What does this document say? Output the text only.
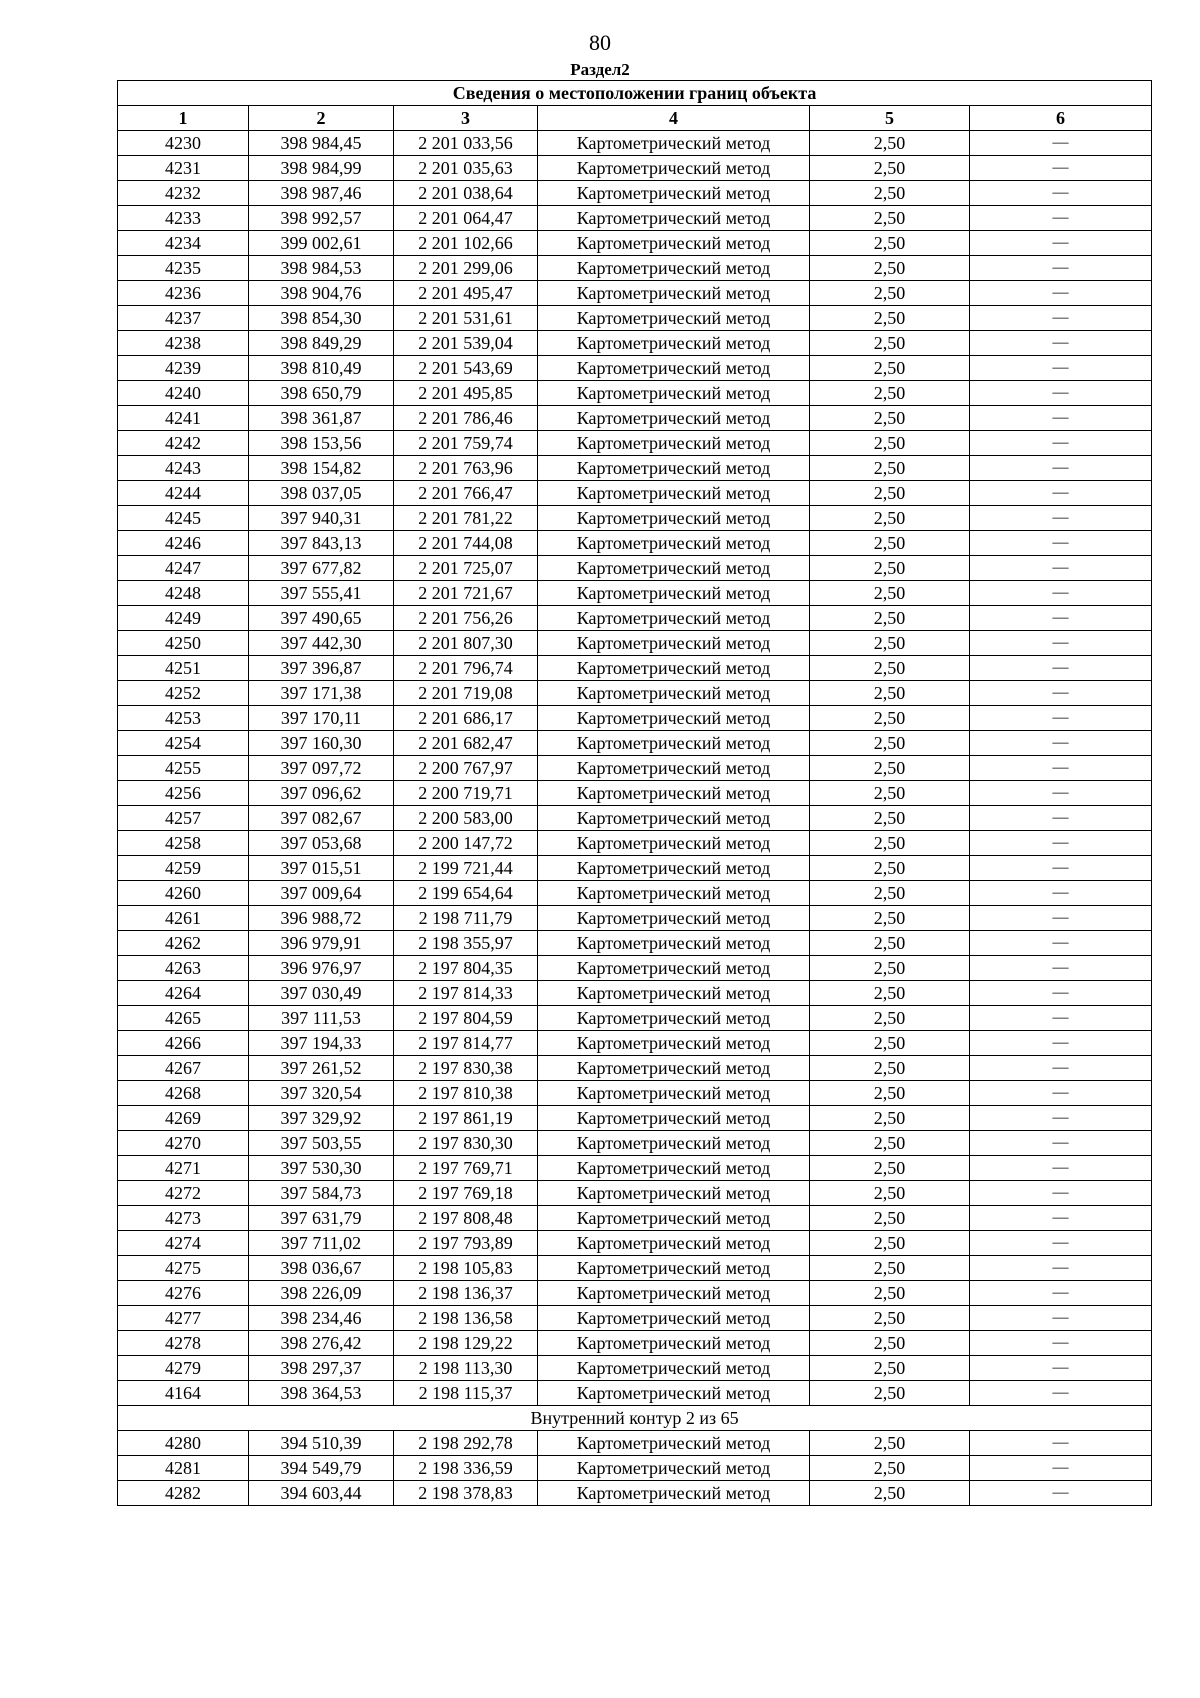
80
Раздел2
Сведения о местоположении границ объекта					
1	2	3	4	5	6
4230	398 984,45	2 201 033,56	Картометрический метод	2,50	—
4231	398 984,99	2 201 035,63	Картометрический метод	2,50	—
4232	398 987,46	2 201 038,64	Картометрический метод	2,50	—
4233	398 992,57	2 201 064,47	Картометрический метод	2,50	—
4234	399 002,61	2 201 102,66	Картометрический метод	2,50	—
4235	398 984,53	2 201 299,06	Картометрический метод	2,50	—
4236	398 904,76	2 201 495,47	Картометрический метод	2,50	—
4237	398 854,30	2 201 531,61	Картометрический метод	2,50	—
4238	398 849,29	2 201 539,04	Картометрический метод	2,50	—
4239	398 810,49	2 201 543,69	Картометрический метод	2,50	—
4240	398 650,79	2 201 495,85	Картометрический метод	2,50	—
4241	398 361,87	2 201 786,46	Картометрический метод	2,50	—
4242	398 153,56	2 201 759,74	Картометрический метод	2,50	—
4243	398 154,82	2 201 763,96	Картометрический метод	2,50	—
4244	398 037,05	2 201 766,47	Картометрический метод	2,50	—
4245	397 940,31	2 201 781,22	Картометрический метод	2,50	—
4246	397 843,13	2 201 744,08	Картометрический метод	2,50	—
4247	397 677,82	2 201 725,07	Картометрический метод	2,50	—
4248	397 555,41	2 201 721,67	Картометрический метод	2,50	—
4249	397 490,65	2 201 756,26	Картометрический метод	2,50	—
4250	397 442,30	2 201 807,30	Картометрический метод	2,50	—
4251	397 396,87	2 201 796,74	Картометрический метод	2,50	—
4252	397 171,38	2 201 719,08	Картометрический метод	2,50	—
4253	397 170,11	2 201 686,17	Картометрический метод	2,50	—
4254	397 160,30	2 201 682,47	Картометрический метод	2,50	—
4255	397 097,72	2 200 767,97	Картометрический метод	2,50	—
4256	397 096,62	2 200 719,71	Картометрический метод	2,50	—
4257	397 082,67	2 200 583,00	Картометрический метод	2,50	—
4258	397 053,68	2 200 147,72	Картометрический метод	2,50	—
4259	397 015,51	2 199 721,44	Картометрический метод	2,50	—
4260	397 009,64	2 199 654,64	Картометрический метод	2,50	—
4261	396 988,72	2 198 711,79	Картометрический метод	2,50	—
4262	396 979,91	2 198 355,97	Картометрический метод	2,50	—
4263	396 976,97	2 197 804,35	Картометрический метод	2,50	—
4264	397 030,49	2 197 814,33	Картометрический метод	2,50	—
4265	397 111,53	2 197 804,59	Картометрический метод	2,50	—
4266	397 194,33	2 197 814,77	Картометрический метод	2,50	—
4267	397 261,52	2 197 830,38	Картометрический метод	2,50	—
4268	397 320,54	2 197 810,38	Картометрический метод	2,50	—
4269	397 329,92	2 197 861,19	Картометрический метод	2,50	—
4270	397 503,55	2 197 830,30	Картометрический метод	2,50	—
4271	397 530,30	2 197 769,71	Картометрический метод	2,50	—
4272	397 584,73	2 197 769,18	Картометрический метод	2,50	—
4273	397 631,79	2 197 808,48	Картометрический метод	2,50	—
4274	397 711,02	2 197 793,89	Картометрический метод	2,50	—
4275	398 036,67	2 198 105,83	Картометрический метод	2,50	—
4276	398 226,09	2 198 136,37	Картометрический метод	2,50	—
4277	398 234,46	2 198 136,58	Картометрический метод	2,50	—
4278	398 276,42	2 198 129,22	Картометрический метод	2,50	—
4279	398 297,37	2 198 113,30	Картометрический метод	2,50	—
4164	398 364,53	2 198 115,37	Картометрический метод	2,50	—
Внутренний контур 2 из 65					
4280	394 510,39	2 198 292,78	Картометрический метод	2,50	—
4281	394 549,79	2 198 336,59	Картометрический метод	2,50	—
4282	394 603,44	2 198 378,83	Картометрический метод	2,50	—
